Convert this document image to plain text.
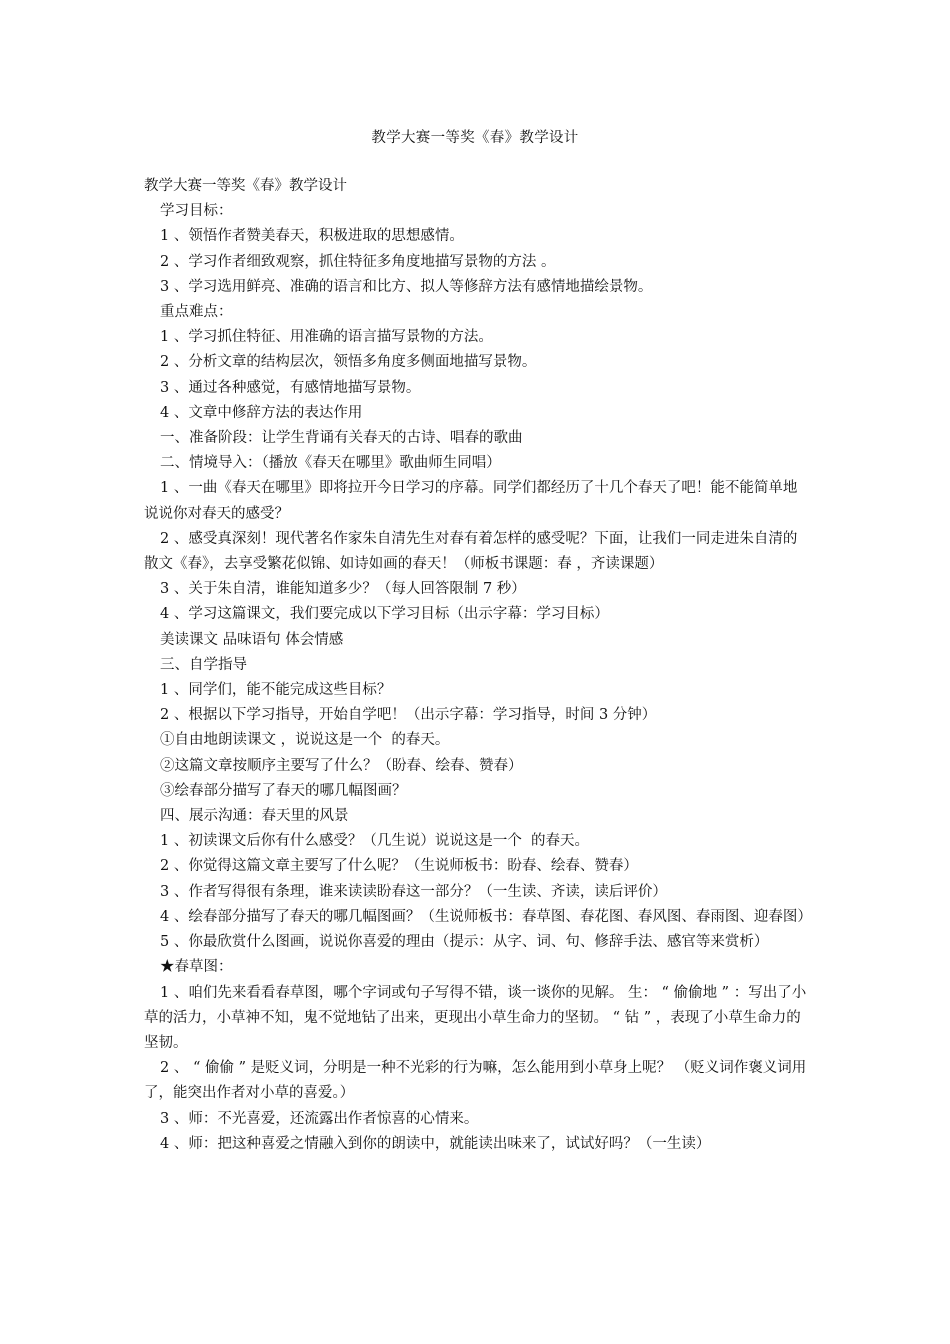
教学大赛一等奖《春》教学设计

教学大赛一等奖《春》教学设计

学习目标：

1 、领悟作者赞美春天，积极进取的思想感情。

2 、学习作者细致观察，抓住特征多角度地描写景物的方法 。

3 、学习选用鲜亮、准确的语言和比方、拟人等修辞方法有感情地描绘景物。

重点难点：

1 、学习抓住特征、用准确的语言描写景物的方法。

2 、分析文章的结构层次，领悟多角度多侧面地描写景物。

3 、通过各种感觉，有感情地描写景物。

4 、文章中修辞方法的表达作用

一、准备阶段：让学生背诵有关春天的古诗、唱春的歌曲

二、情境导入：（播放《春天在哪里》歌曲师生同唱）

1 、一曲《春天在哪里》即将拉开今日学习的序幕。同学们都经历了十几个春天了吧！能不能简单地说说你对春天的感受？

2 、感受真深刻！现代著名作家朱自清先生对春有着怎样的感受呢？下面，让我们一同走进朱自清的散文《春》，去享受繁花似锦、如诗如画的春天！（师板书课题：春 ，齐读课题）

3 、关于朱自清，谁能知道多少？（每人回答限制 7 秒）

4 、学习这篇课文，我们要完成以下学习目标（出示字幕：学习目标）

美读课文 品味语句 体会情感

三、自学指导

1 、同学们，能不能完成这些目标？

2 、根据以下学习指导，开始自学吧！（出示字幕：学习指导，时间 3 分钟）

①自由地朗读课文 ，说说这是一个  的春天。

②这篇文章按顺序主要写了什么？（盼春、绘春、赞春）

③绘春部分描写了春天的哪几幅图画？

四、展示沟通：春天里的风景

1 、初读课文后你有什么感受？（几生说）说说这是一个  的春天。

2 、你觉得这篇文章主要写了什么呢？（生说师板书：盼春、绘春、赞春）

3 、作者写得很有条理，谁来读读盼春这一部分？（一生读、齐读，读后评价）

4 、绘春部分描写了春天的哪几幅图画？（生说师板书：春草图、春花图、春风图、春雨图、迎春图）

5 、你最欣赏什么图画，说说你喜爱的理由（提示：从字、词、句、修辞手法、感官等来赏析）

★春草图：

1 、咱们先来看看春草图，哪个字词或句子写得不错，谈一谈你的见解。 生： “ 偷偷地 ” ：写出了小草的活力，小草神不知，鬼不觉地钻了出来，更现出小草生命力的坚韧。 “ 钻 ” ，表现了小草生命力的坚韧。

2 、 “ 偷偷 ” 是贬义词，分明是一种不光彩的行为嘛，怎么能用到小草身上呢？ （贬义词作褒义词用了，能突出作者对小草的喜爱。）

3 、师：不光喜爱，还流露出作者惊喜的心情来。

4 、师：把这种喜爱之情融入到你的朗读中，就能读出味来了，试试好吗？（一生读）
